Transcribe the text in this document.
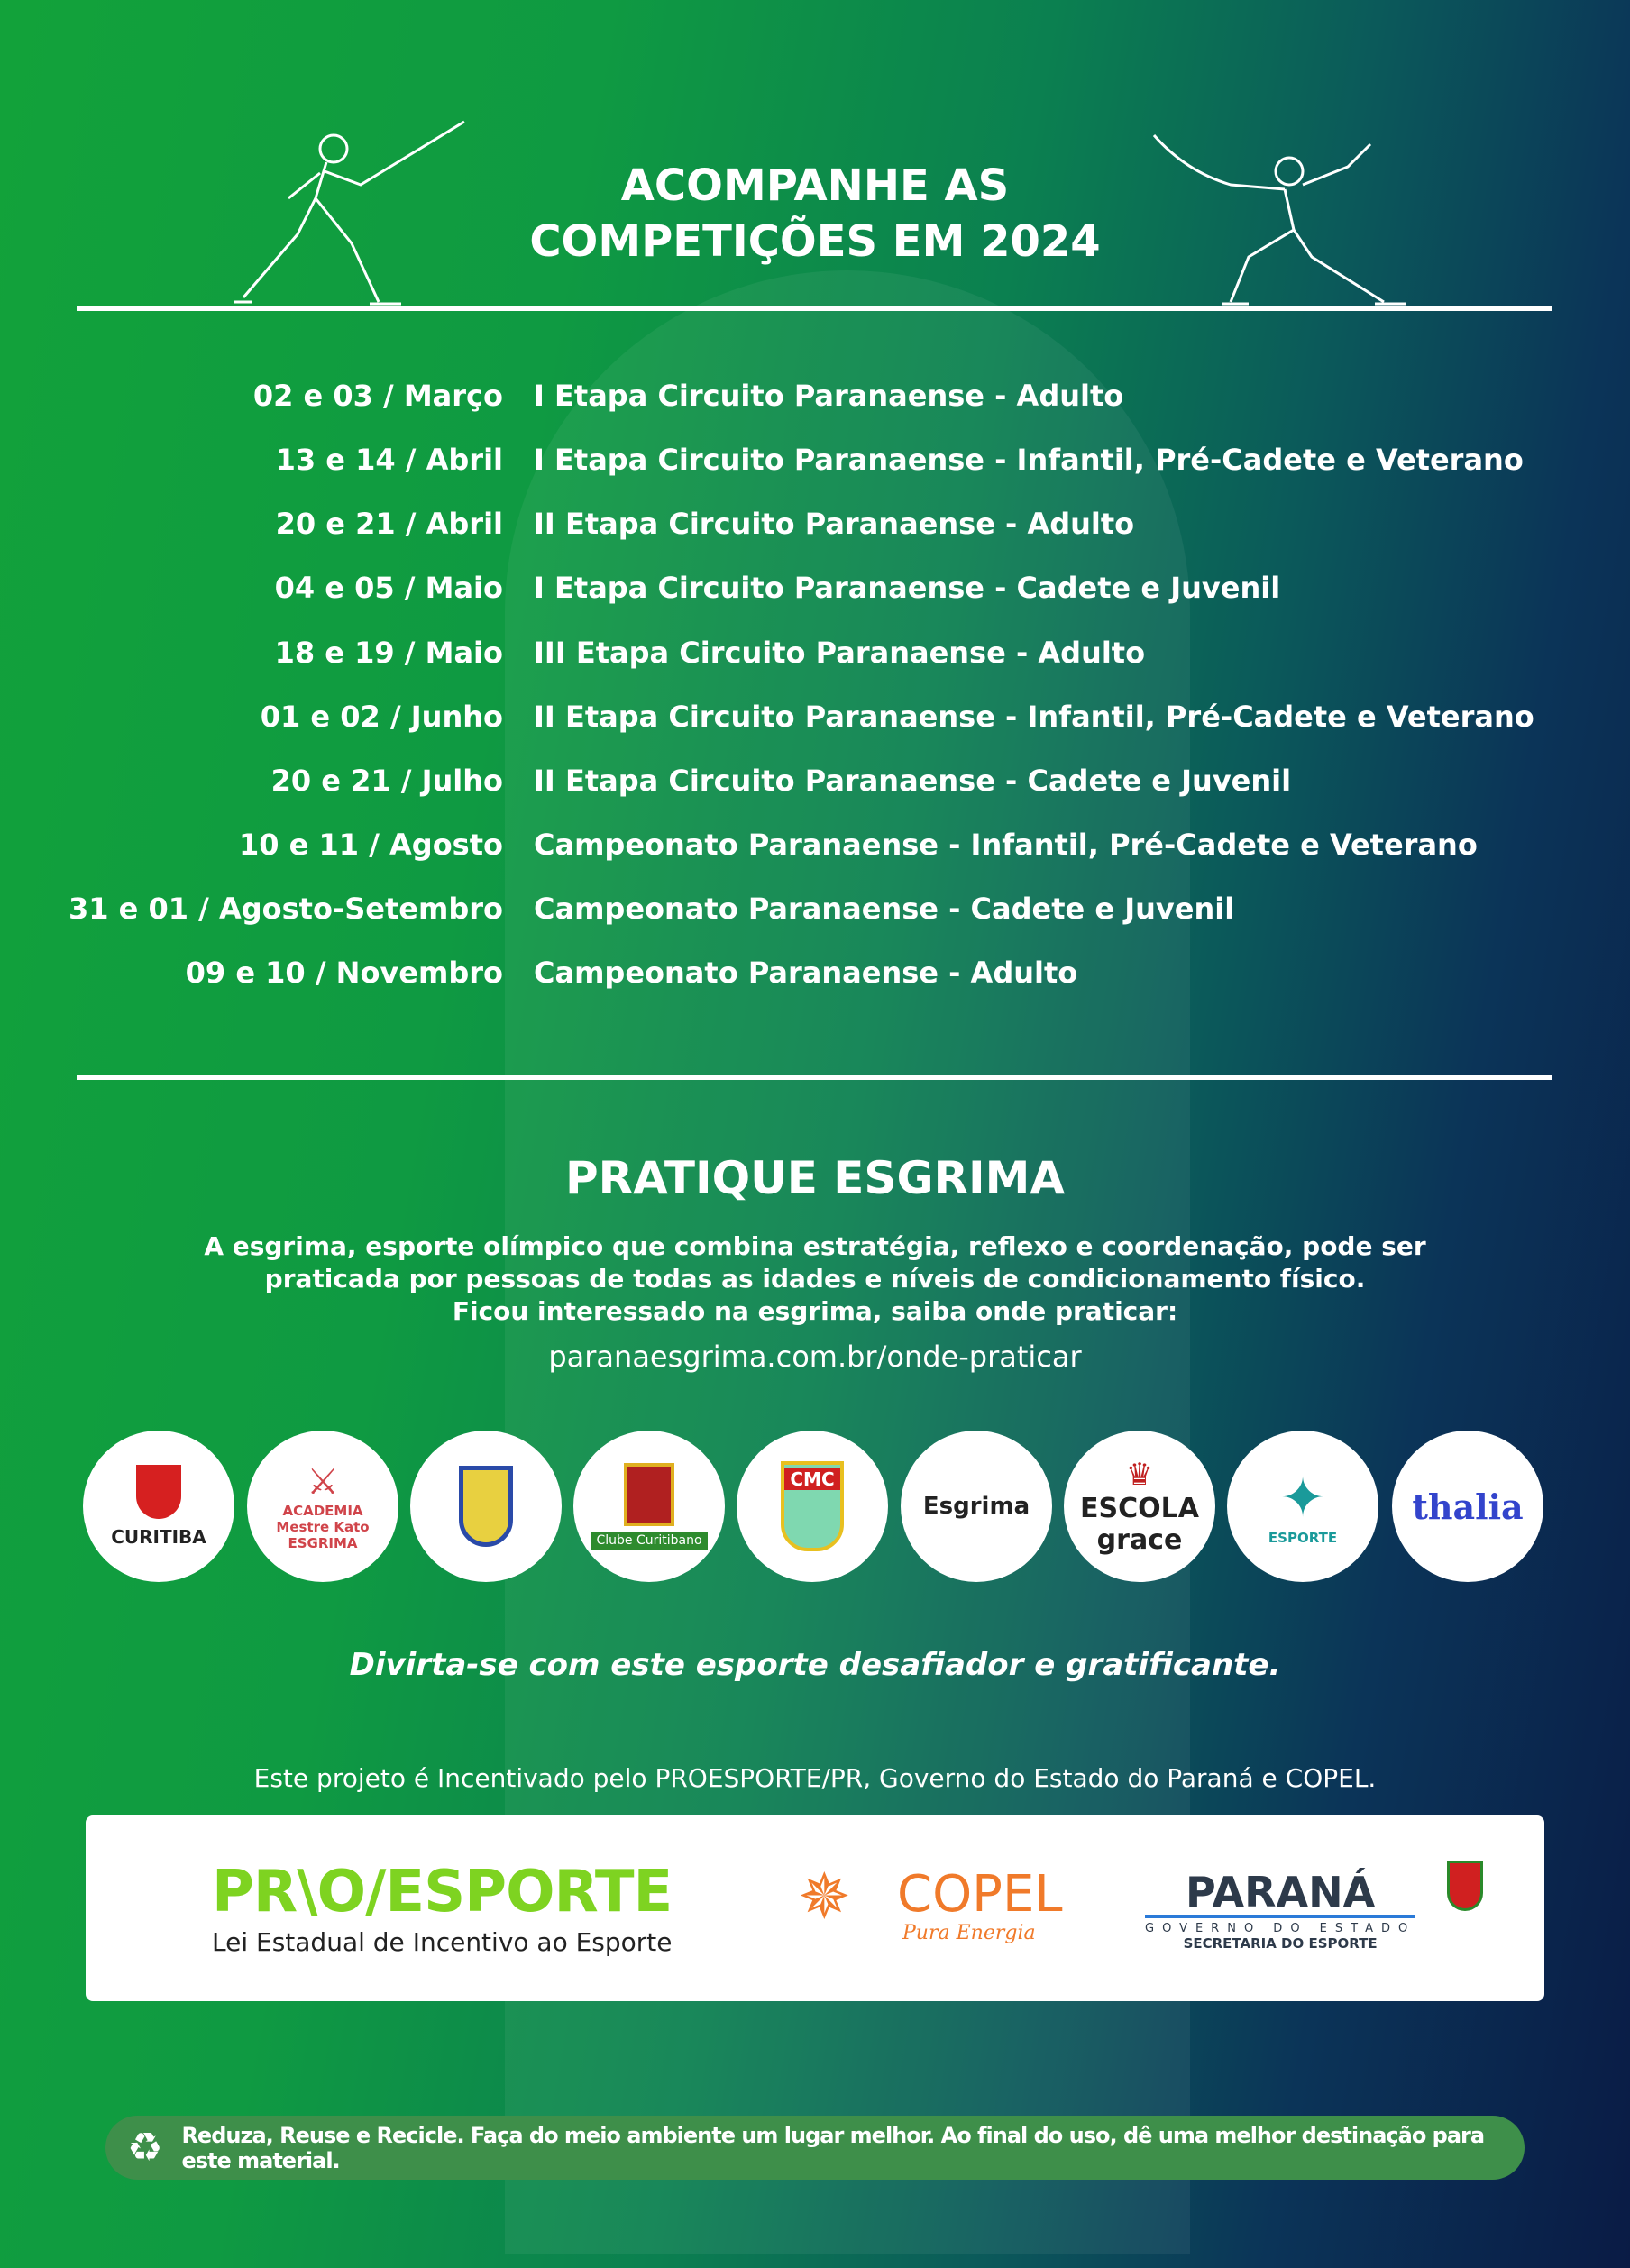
ACOMPANHE AS
COMPETIÇÕES EM 2024
02 e 03 / Março I Etapa Circuito Paranaense - Adulto
13 e 14 / Abril I Etapa Circuito Paranaense - Infantil, Pré-Cadete e Veterano
20 e 21 / Abril II Etapa Circuito Paranaense - Adulto
04 e 05 / Maio I Etapa Circuito Paranaense - Cadete e Juvenil
18 e 19 / Maio III Etapa Circuito Paranaense - Adulto
01 e 02 / Junho II Etapa Circuito Paranaense - Infantil, Pré-Cadete e Veterano
20 e 21 / Julho II Etapa Circuito Paranaense - Cadete e Juvenil
10 e 11 / Agosto Campeonato Paranaense - Infantil, Pré-Cadete e Veterano
31 e 01 / Agosto-Setembro Campeonato Paranaense - Cadete e Juvenil
09 e 10 / Novembro Campeonato Paranaense - Adulto
PRATIQUE ESGRIMA
A esgrima, esporte olímpico que combina estratégia, reflexo e coordenação, pode ser
praticada por pessoas de todas as idades e níveis de condicionamento físico.
Ficou interessado na esgrima, saiba onde praticar:
paranaesgrima.com.br/onde-praticar
CURITIBA
⚔
ACADEMIA Mestre Kato ESGRIMA	Clube Curitibano
CMC
Esgrima
♛
ESCOLA grace
✦
ESPORTE
thalia
Divirta-se com este esporte desafiador e gratificante.
Este projeto é Incentivado pelo PROESPORTE/PR, Governo do Estado do Paraná e COPEL.
PR\O/ESPORTE
Lei Estadual de Incentivo ao Esporte
✵ COPEL
Pura Energia
PARANÁ
GOVERNO DO ESTADO
SECRETARIA DO ESPORTE
♻ Reduza, Reuse e Recicle. Faça do meio ambiente um lugar melhor. Ao final do uso, dê uma melhor destinação para este material.
